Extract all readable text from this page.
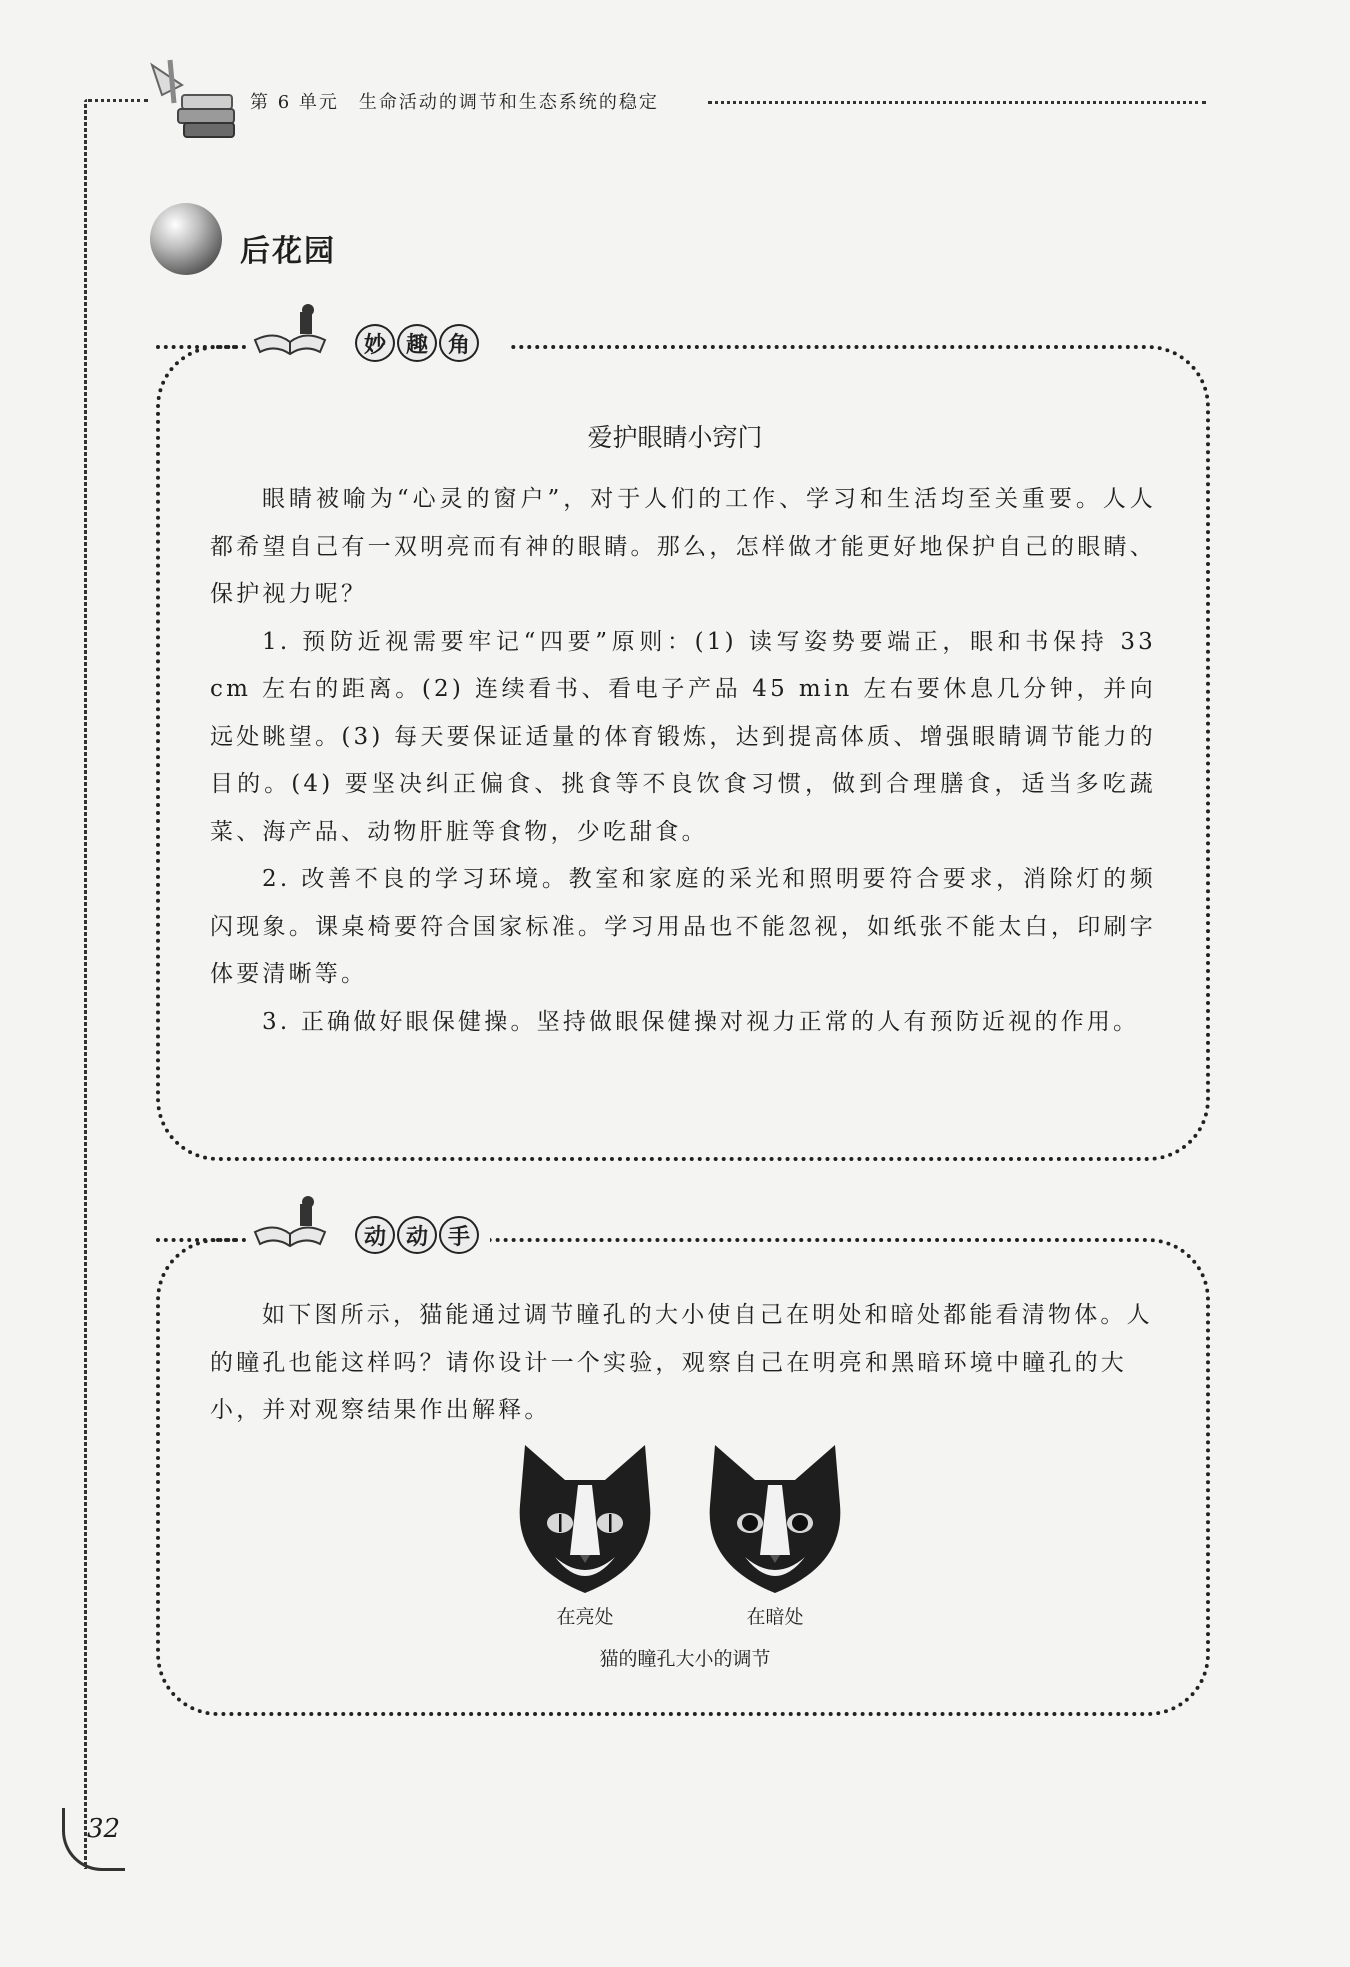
第 6 单元　生命活动的调节和生态系统的稳定
后花园
妙 趣 角
爱护眼睛小窍门

眼睛被喻为“心灵的窗户”，对于人们的工作、学习和生活均至关重要。人人都希望自己有一双明亮而有神的眼睛。那么，怎样做才能更好地保护自己的眼睛、保护视力呢？

1. 预防近视需要牢记“四要”原则：(1) 读写姿势要端正，眼和书保持 33 cm 左右的距离。(2) 连续看书、看电子产品 45 min 左右要休息几分钟，并向远处眺望。(3) 每天要保证适量的体育锻炼，达到提高体质、增强眼睛调节能力的目的。(4) 要坚决纠正偏食、挑食等不良饮食习惯，做到合理膳食，适当多吃蔬菜、海产品、动物肝脏等食物，少吃甜食。

2. 改善不良的学习环境。教室和家庭的采光和照明要符合要求，消除灯的频闪现象。课桌椅要符合国家标准。学习用品也不能忽视，如纸张不能太白，印刷字体要清晰等。

3. 正确做好眼保健操。坚持做眼保健操对视力正常的人有预防近视的作用。

动 动 手

如下图所示，猫能通过调节瞳孔的大小使自己在明处和暗处都能看清物体。人的瞳孔也能这样吗？请你设计一个实验，观察自己在明亮和黑暗环境中瞳孔的大小，并对观察结果作出解释。

在亮处	在暗处
猫的瞳孔大小的调节
32
